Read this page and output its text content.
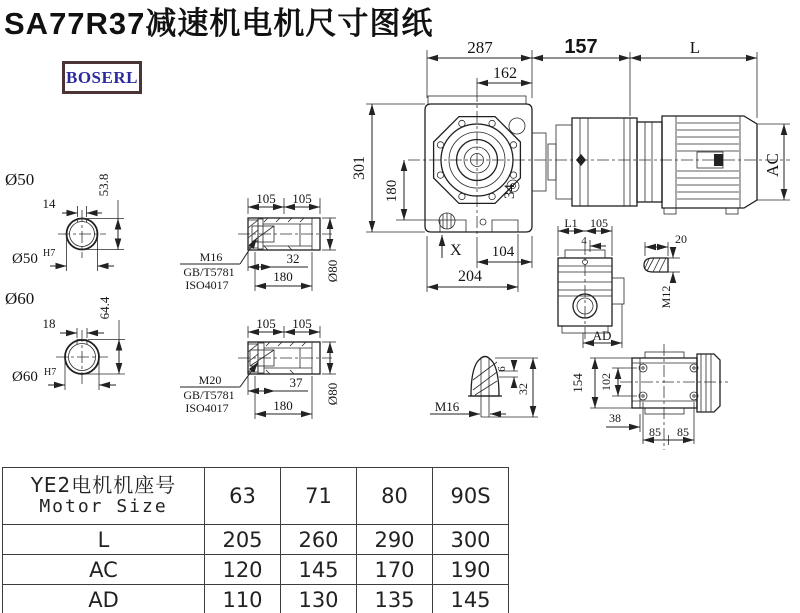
SA77R37减速机电机尺寸图纸
BOSERL
34
287
162
157	L
AC
301
180
X 104
204
105 105
32
180 Ø80
M16
GB/T5781
ISO4017
105 105
37
180
Ø80
M20
GB/T5781
ISO4017
Ø50
14
53.8
Ø50 H7
Ø60
18
64.4
Ø60 H7
L1 105
4
AD
20
M12
M16
6
32	154 102
38
85 85
YE2电机机座号
Motor Size	63	71	80	90S
L	205	260	290	300
AC	120	145	170	190
AD	110	130	135	145
